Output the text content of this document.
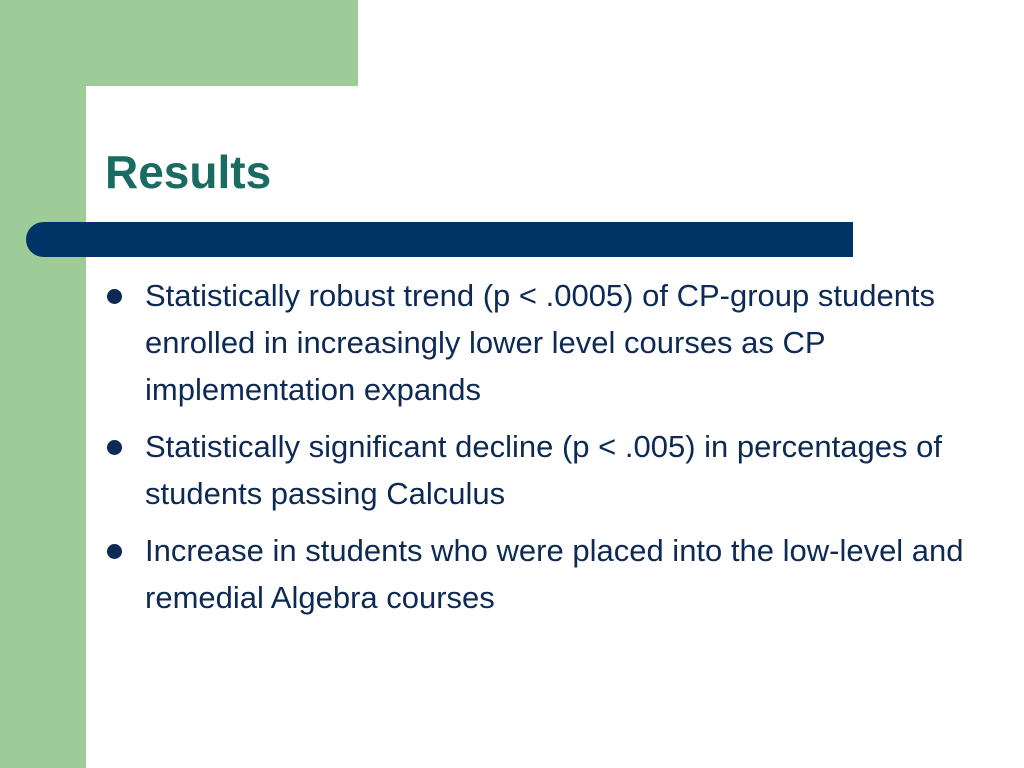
Results
Statistically robust trend (p < .0005) of CP-group students enrolled in increasingly lower level courses as CP implementation expands
Statistically significant decline (p < .005) in percentages of students passing Calculus
Increase in students who were placed into the low-level and remedial Algebra courses
